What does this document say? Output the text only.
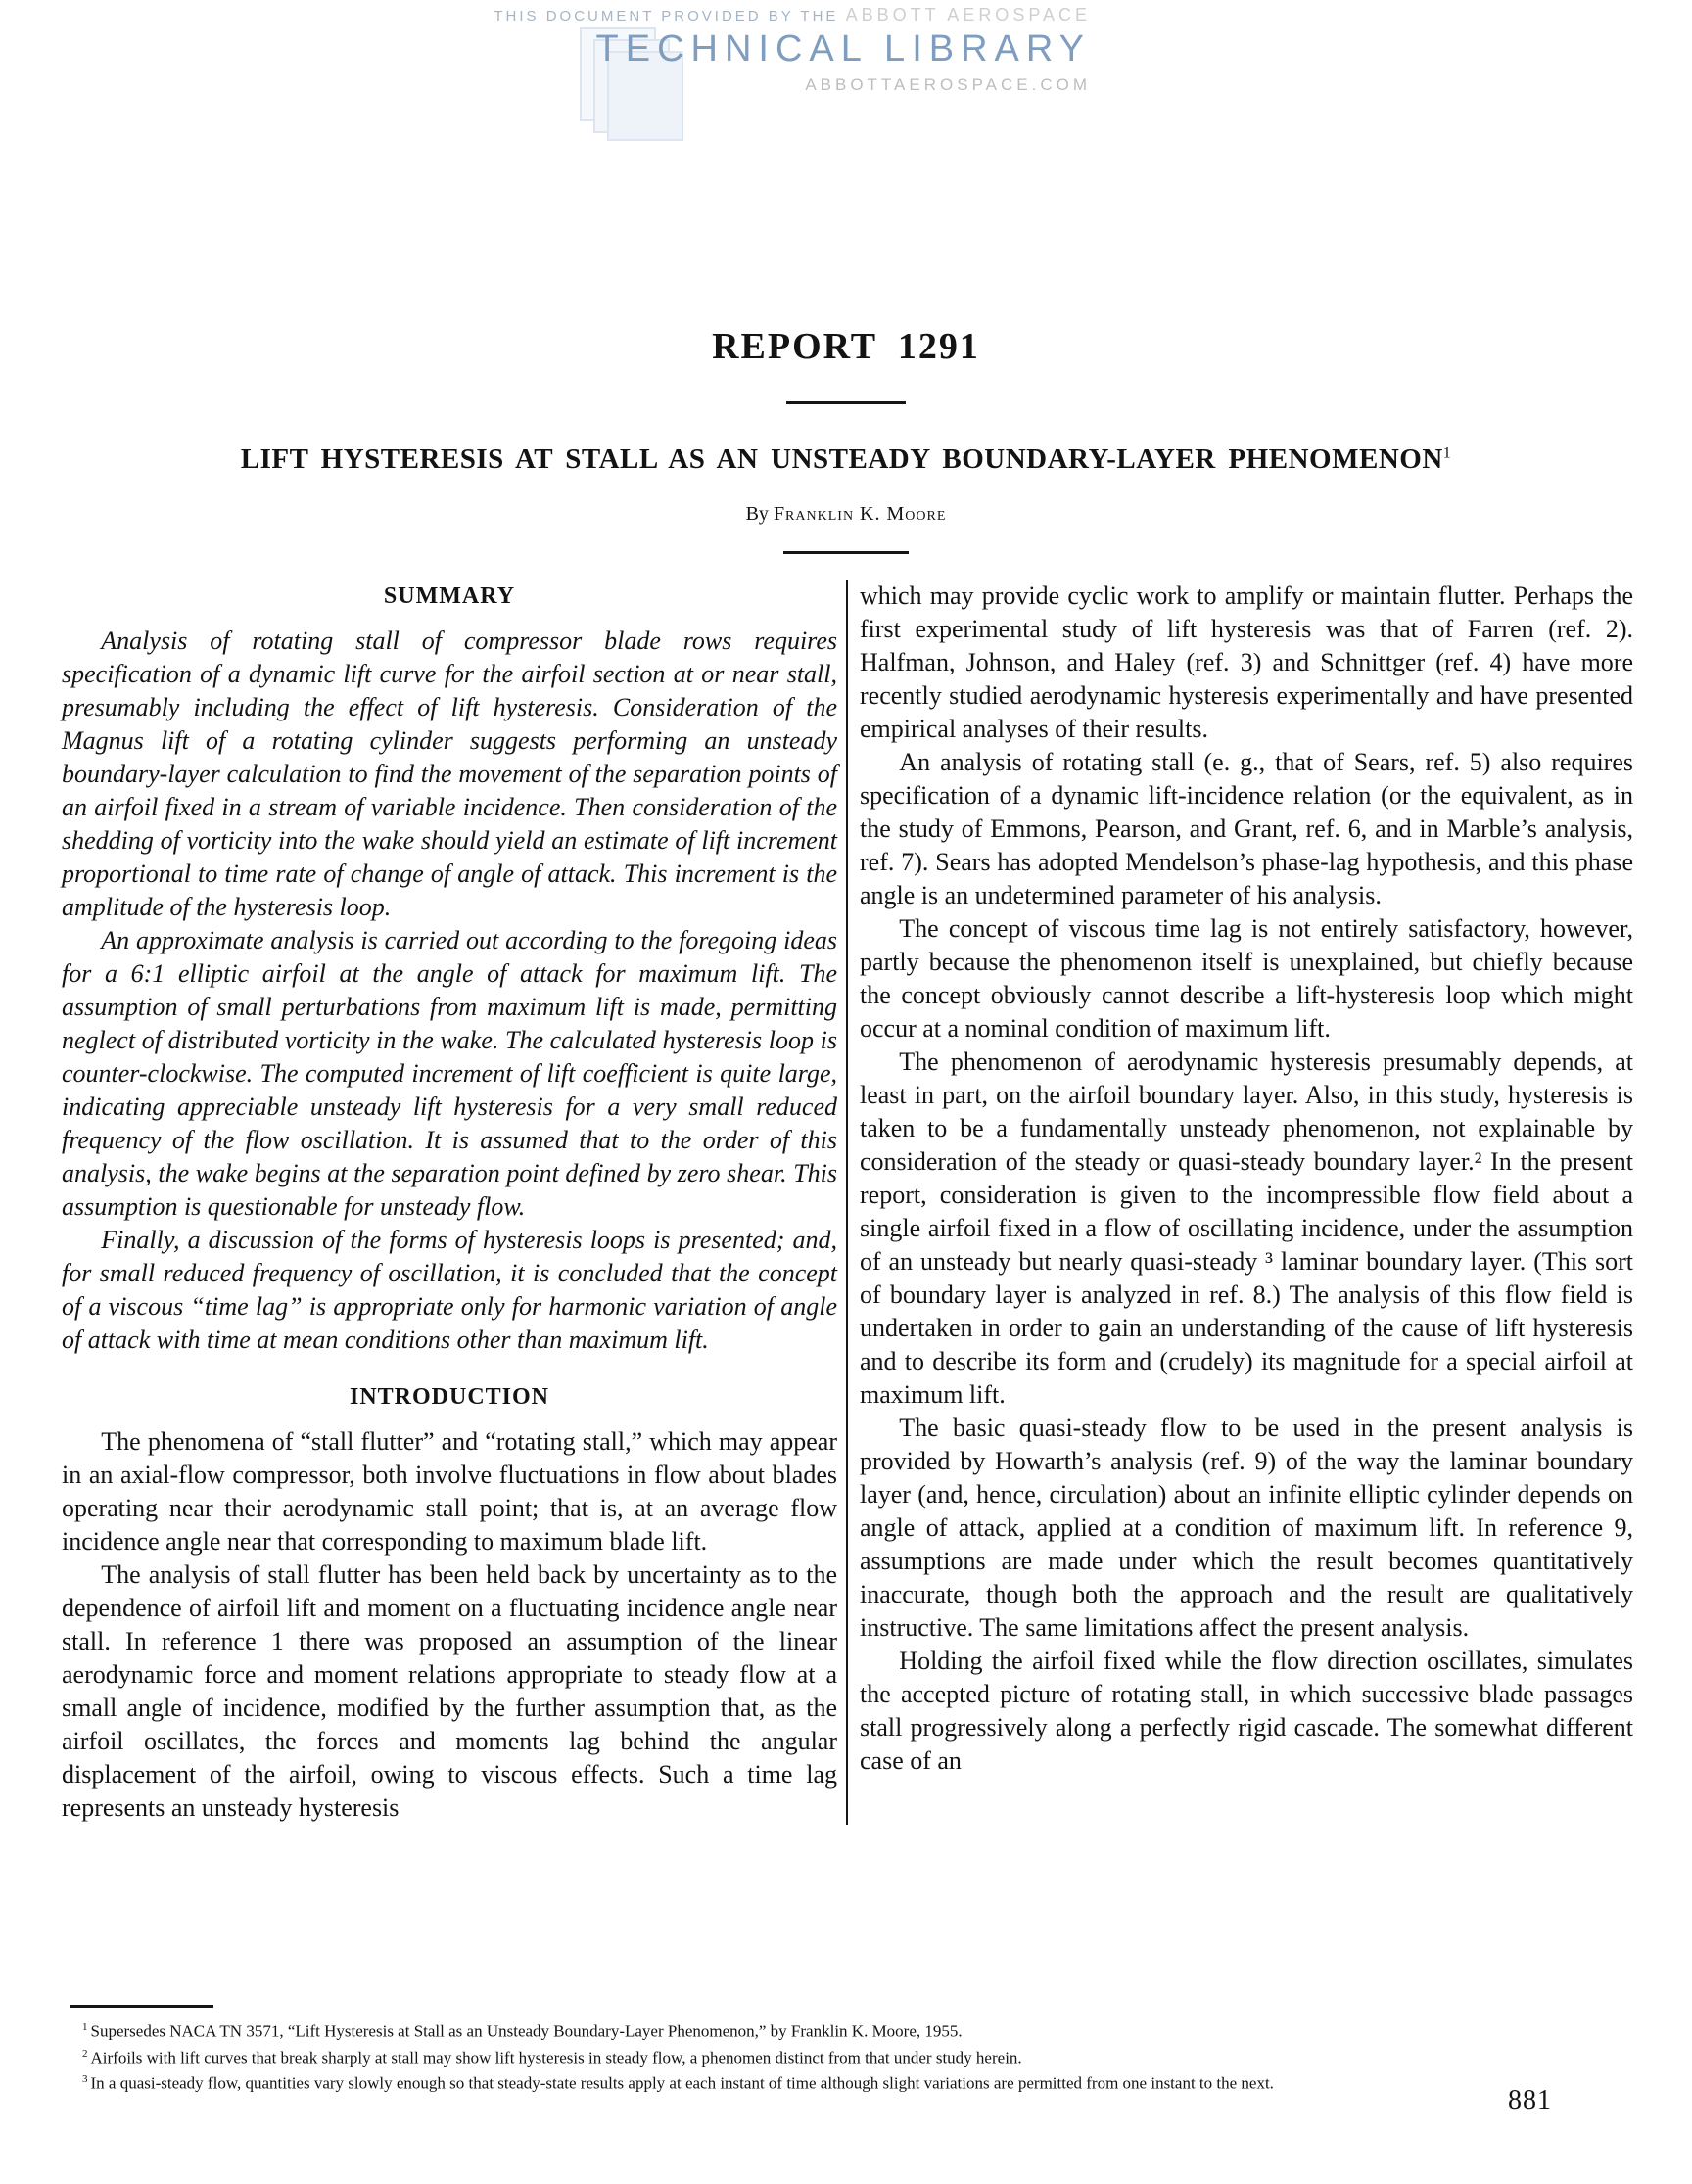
THIS DOCUMENT PROVIDED BY THE ABBOTT AEROSPACE
TECHNICAL LIBRARY
ABBOTTAEROSPACE.COM
REPORT 1291
LIFT HYSTERESIS AT STALL AS AN UNSTEADY BOUNDARY-LAYER PHENOMENON$^1$
By Franklin K. Moore
SUMMARY

Analysis of rotating stall of compressor blade rows requires specification of a dynamic lift curve for the airfoil section at or near stall, presumably including the effect of lift hysteresis. Consideration of the Magnus lift of a rotating cylinder suggests performing an unsteady boundary-layer calculation to find the movement of the separation points of an airfoil fixed in a stream of variable incidence. Then consideration of the shedding of vorticity into the wake should yield an estimate of lift increment proportional to time rate of change of angle of attack. This increment is the amplitude of the hysteresis loop.

An approximate analysis is carried out according to the foregoing ideas for a 6:1 elliptic airfoil at the angle of attack for maximum lift. The assumption of small perturbations from maximum lift is made, permitting neglect of distributed vorticity in the wake. The calculated hysteresis loop is counter-clockwise. The computed increment of lift coefficient is quite large, indicating appreciable unsteady lift hysteresis for a very small reduced frequency of the flow oscillation. It is assumed that to the order of this analysis, the wake begins at the separation point defined by zero shear. This assumption is questionable for unsteady flow.

Finally, a discussion of the forms of hysteresis loops is presented; and, for small reduced frequency of oscillation, it is concluded that the concept of a viscous “time lag” is appropriate only for harmonic variation of angle of attack with time at mean conditions other than maximum lift.

INTRODUCTION

The phenomena of “stall flutter” and “rotating stall,” which may appear in an axial-flow compressor, both involve fluctuations in flow about blades operating near their aerodynamic stall point; that is, at an average flow incidence angle near that corresponding to maximum blade lift.

The analysis of stall flutter has been held back by uncertainty as to the dependence of airfoil lift and moment on a fluctuating incidence angle near stall. In reference 1 there was proposed an assumption of the linear aerodynamic force and moment relations appropriate to steady flow at a small angle of incidence, modified by the further assumption that, as the airfoil oscillates, the forces and moments lag behind the angular displacement of the airfoil, owing to viscous effects. Such a time lag represents an unsteady hysteresis

which may provide cyclic work to amplify or maintain flutter. Perhaps the first experimental study of lift hysteresis was that of Farren (ref. 2). Halfman, Johnson, and Haley (ref. 3) and Schnittger (ref. 4) have more recently studied aerodynamic hysteresis experimentally and have presented empirical analyses of their results.

An analysis of rotating stall (e. g., that of Sears, ref. 5) also requires specification of a dynamic lift-incidence relation (or the equivalent, as in the study of Emmons, Pearson, and Grant, ref. 6, and in Marble’s analysis, ref. 7). Sears has adopted Mendelson’s phase-lag hypothesis, and this phase angle is an undetermined parameter of his analysis.

The concept of viscous time lag is not entirely satisfactory, however, partly because the phenomenon itself is unexplained, but chiefly because the concept obviously cannot describe a lift-hysteresis loop which might occur at a nominal condition of maximum lift.

The phenomenon of aerodynamic hysteresis presumably depends, at least in part, on the airfoil boundary layer. Also, in this study, hysteresis is taken to be a fundamentally unsteady phenomenon, not explainable by consideration of the steady or quasi-steady boundary layer.² In the present report, consideration is given to the incompressible flow field about a single airfoil fixed in a flow of oscillating incidence, under the assumption of an unsteady but nearly quasi-steady ³ laminar boundary layer. (This sort of boundary layer is analyzed in ref. 8.) The analysis of this flow field is undertaken in order to gain an understanding of the cause of lift hysteresis and to describe its form and (crudely) its magnitude for a special airfoil at maximum lift.

The basic quasi-steady flow to be used in the present analysis is provided by Howarth’s analysis (ref. 9) of the way the laminar boundary layer (and, hence, circulation) about an infinite elliptic cylinder depends on angle of attack, applied at a condition of maximum lift. In reference 9, assumptions are made under which the result becomes quantitatively inaccurate, though both the approach and the result are qualitatively instructive. The same limitations affect the present analysis.

Holding the airfoil fixed while the flow direction oscillates, simulates the accepted picture of rotating stall, in which successive blade passages stall progressively along a perfectly rigid cascade. The somewhat different case of an

$^1$ Supersedes NACA TN 3571, “Lift Hysteresis at Stall as an Unsteady Boundary-Layer Phenomenon,” by Franklin K. Moore, 1955.

$^2$ Airfoils with lift curves that break sharply at stall may show lift hysteresis in steady flow, a phenomen distinct from that under study herein.

$^3$ In a quasi-steady flow, quantities vary slowly enough so that steady-state results apply at each instant of time although slight variations are permitted from one instant to the next.

881
